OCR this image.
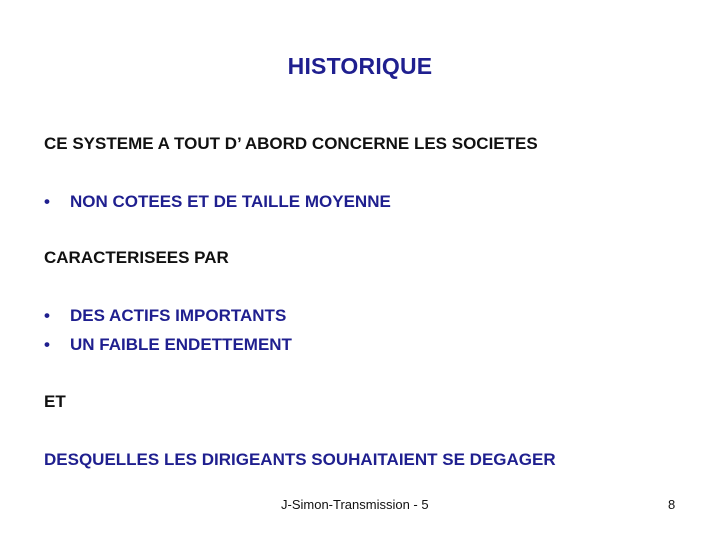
HISTORIQUE
CE SYSTEME A TOUT D’ ABORD CONCERNE LES SOCIETES
• NON COTEES ET DE TAILLE MOYENNE
CARACTERISEES PAR
• DES ACTIFS IMPORTANTS
• UN FAIBLE ENDETTEMENT
ET
DESQUELLES LES DIRIGEANTS SOUHAITAIENT SE DEGAGER
J-Simon-Transmission - 5	8
